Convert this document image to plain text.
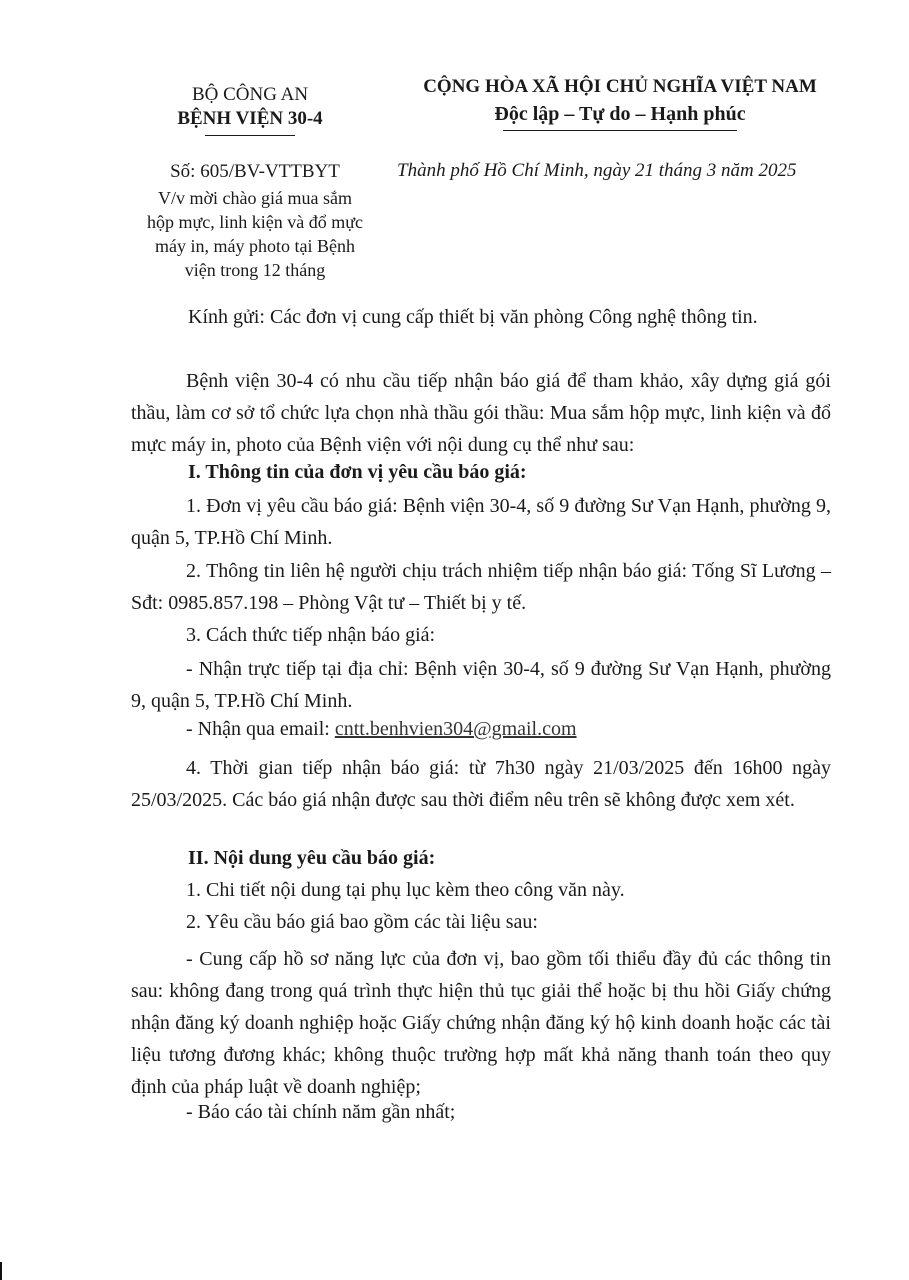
BỘ CÔNG AN
BỆNH VIỆN 30-4
Số: 605/BV-VTTBYT
V/v mời chào giá mua sắm
hộp mực, linh kiện và đổ mực
máy in, máy photo tại Bệnh
viện trong 12 tháng
CỘNG HÒA XÃ HỘI CHỦ NGHĨA VIỆT NAM
Độc lập – Tự do – Hạnh phúc
Thành phố Hồ Chí Minh, ngày 21 tháng 3 năm 2025
Kính gửi: Các đơn vị cung cấp thiết bị văn phòng Công nghệ thông tin.
Bệnh viện 30-4 có nhu cầu tiếp nhận báo giá để tham khảo, xây dựng giá gói thầu, làm cơ sở tổ chức lựa chọn nhà thầu gói thầu: Mua sắm hộp mực, linh kiện và đổ mực máy in, photo của Bệnh viện với nội dung cụ thể như sau:
I. Thông tin của đơn vị yêu cầu báo giá:
1. Đơn vị yêu cầu báo giá: Bệnh viện 30-4, số 9 đường Sư Vạn Hạnh, phường 9, quận 5, TP.Hồ Chí Minh.
2. Thông tin liên hệ người chịu trách nhiệm tiếp nhận báo giá: Tống Sĩ Lương – Sđt: 0985.857.198 – Phòng Vật tư – Thiết bị y tế.
3. Cách thức tiếp nhận báo giá:
- Nhận trực tiếp tại địa chỉ: Bệnh viện 30-4, số 9 đường Sư Vạn Hạnh, phường 9, quận 5, TP.Hồ Chí Minh.
- Nhận qua email: cntt.benhvien304@gmail.com
4. Thời gian tiếp nhận báo giá: từ 7h30 ngày 21/03/2025 đến 16h00 ngày 25/03/2025. Các báo giá nhận được sau thời điểm nêu trên sẽ không được xem xét.
II. Nội dung yêu cầu báo giá:
1. Chi tiết nội dung tại phụ lục kèm theo công văn này.
2. Yêu cầu báo giá bao gồm các tài liệu sau:
- Cung cấp hồ sơ năng lực của đơn vị, bao gồm tối thiểu đầy đủ các thông tin sau: không đang trong quá trình thực hiện thủ tục giải thể hoặc bị thu hồi Giấy chứng nhận đăng ký doanh nghiệp hoặc Giấy chứng nhận đăng ký hộ kinh doanh hoặc các tài liệu tương đương khác; không thuộc trường hợp mất khả năng thanh toán theo quy định của pháp luật về doanh nghiệp;
- Báo cáo tài chính năm gần nhất;
